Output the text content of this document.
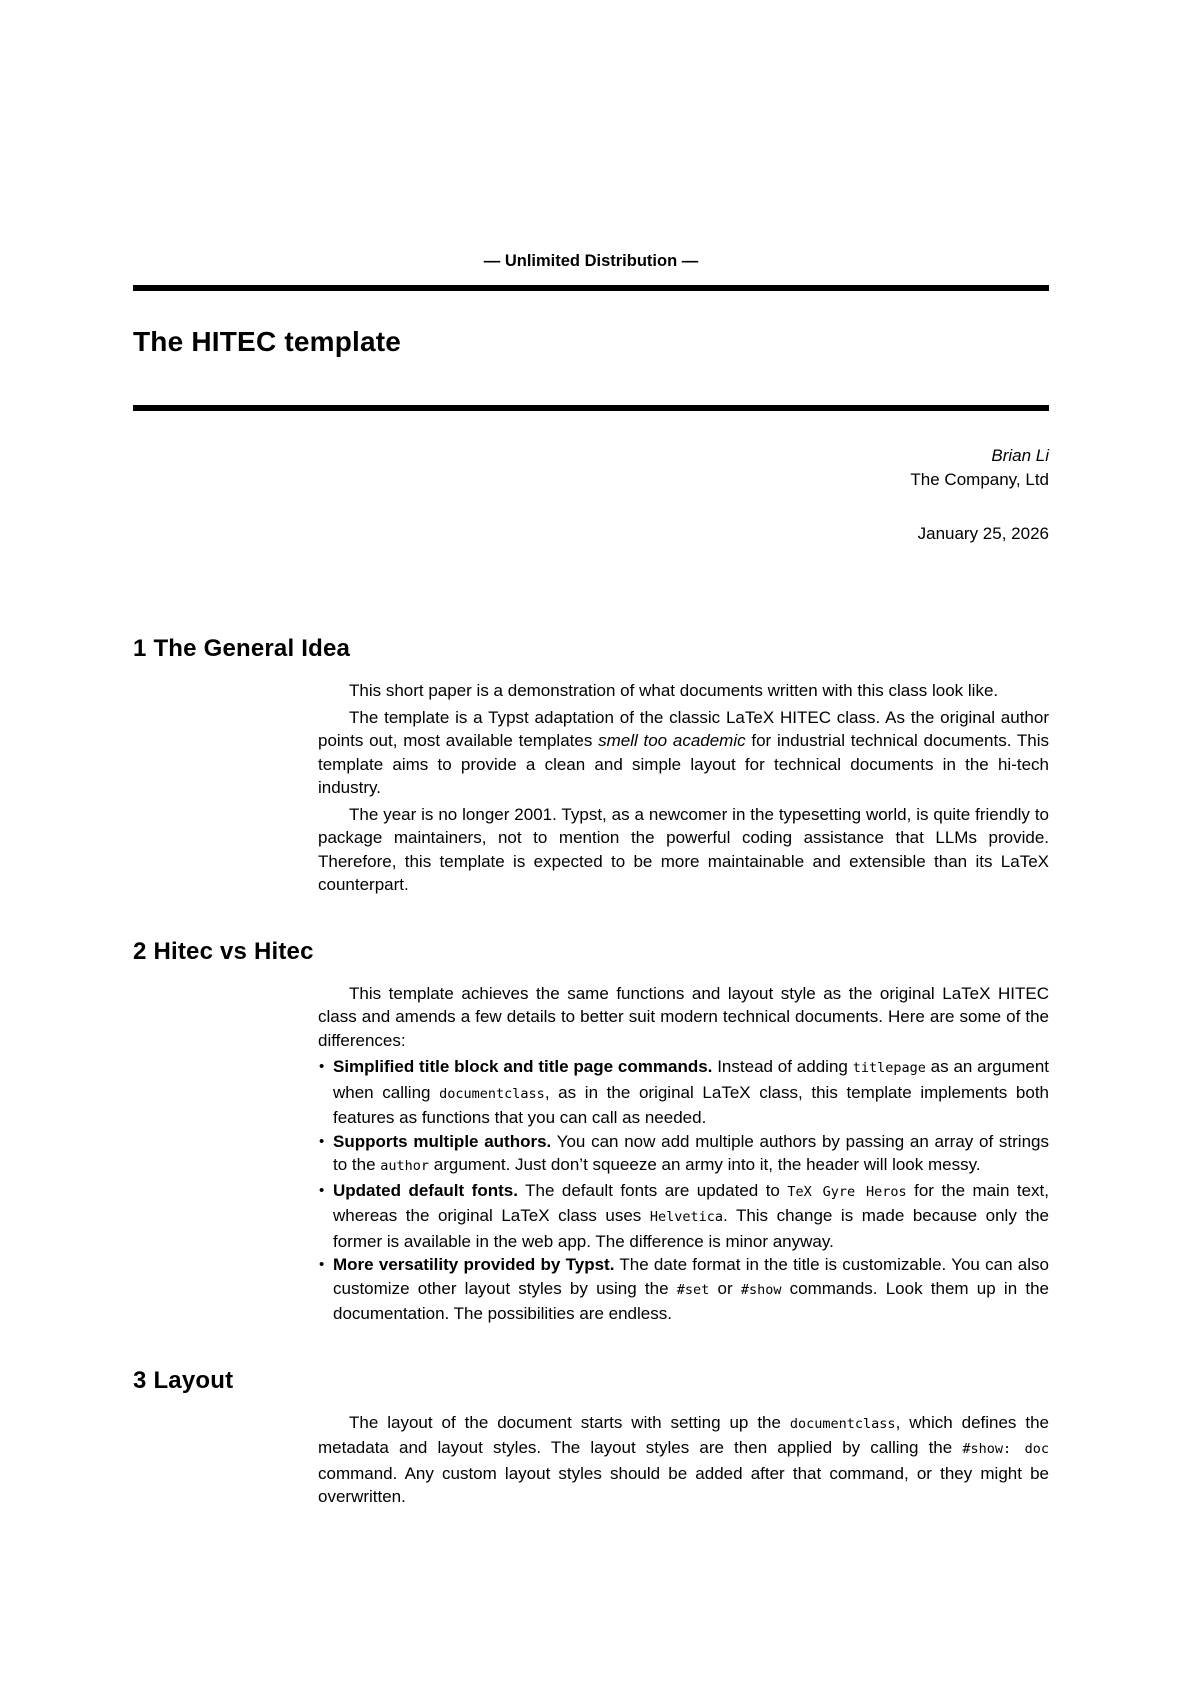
— Unlimited Distribution —
The HITEC template
Brian Li
The Company, Ltd
January 25, 2026
1 The General Idea

This short paper is a demonstration of what documents written with this class look like.

The template is a Typst adaptation of the classic LaTeX HITEC class. As the original author points out, most available templates smell too academic for industrial technical documents. This template aims to provide a clean and simple layout for technical documents in the hi-tech industry.

The year is no longer 2001. Typst, as a newcomer in the typesetting world, is quite friendly to package maintainers, not to mention the powerful coding assistance that LLMs provide. Therefore, this template is expected to be more maintainable and extensible than its LaTeX counterpart.

2 Hitec vs Hitec

This template achieves the same functions and layout style as the original LaTeX HITEC class and amends a few details to better suit modern technical documents. Here are some of the differences:

• Simplified title block and title page commands. Instead of adding titlepage as an argument when calling documentclass, as in the original LaTeX class, this template implements both features as functions that you can call as needed.
• Supports multiple authors. You can now add multiple authors by passing an array of strings to the author argument. Just don’t squeeze an army into it, the header will look messy.
• Updated default fonts. The default fonts are updated to TeX Gyre Heros for the main text, whereas the original LaTeX class uses Helvetica. This change is made because only the former is available in the web app. The difference is minor anyway.
• More versatility provided by Typst. The date format in the title is customizable. You can also customize other layout styles by using the #set or #show commands. Look them up in the documentation. The possibilities are endless.
3 Layout

The layout of the document starts with setting up the documentclass, which defines the metadata and layout styles. The layout styles are then applied by calling the #show: doc command. Any custom layout styles should be added after that command, or they might be overwritten.
